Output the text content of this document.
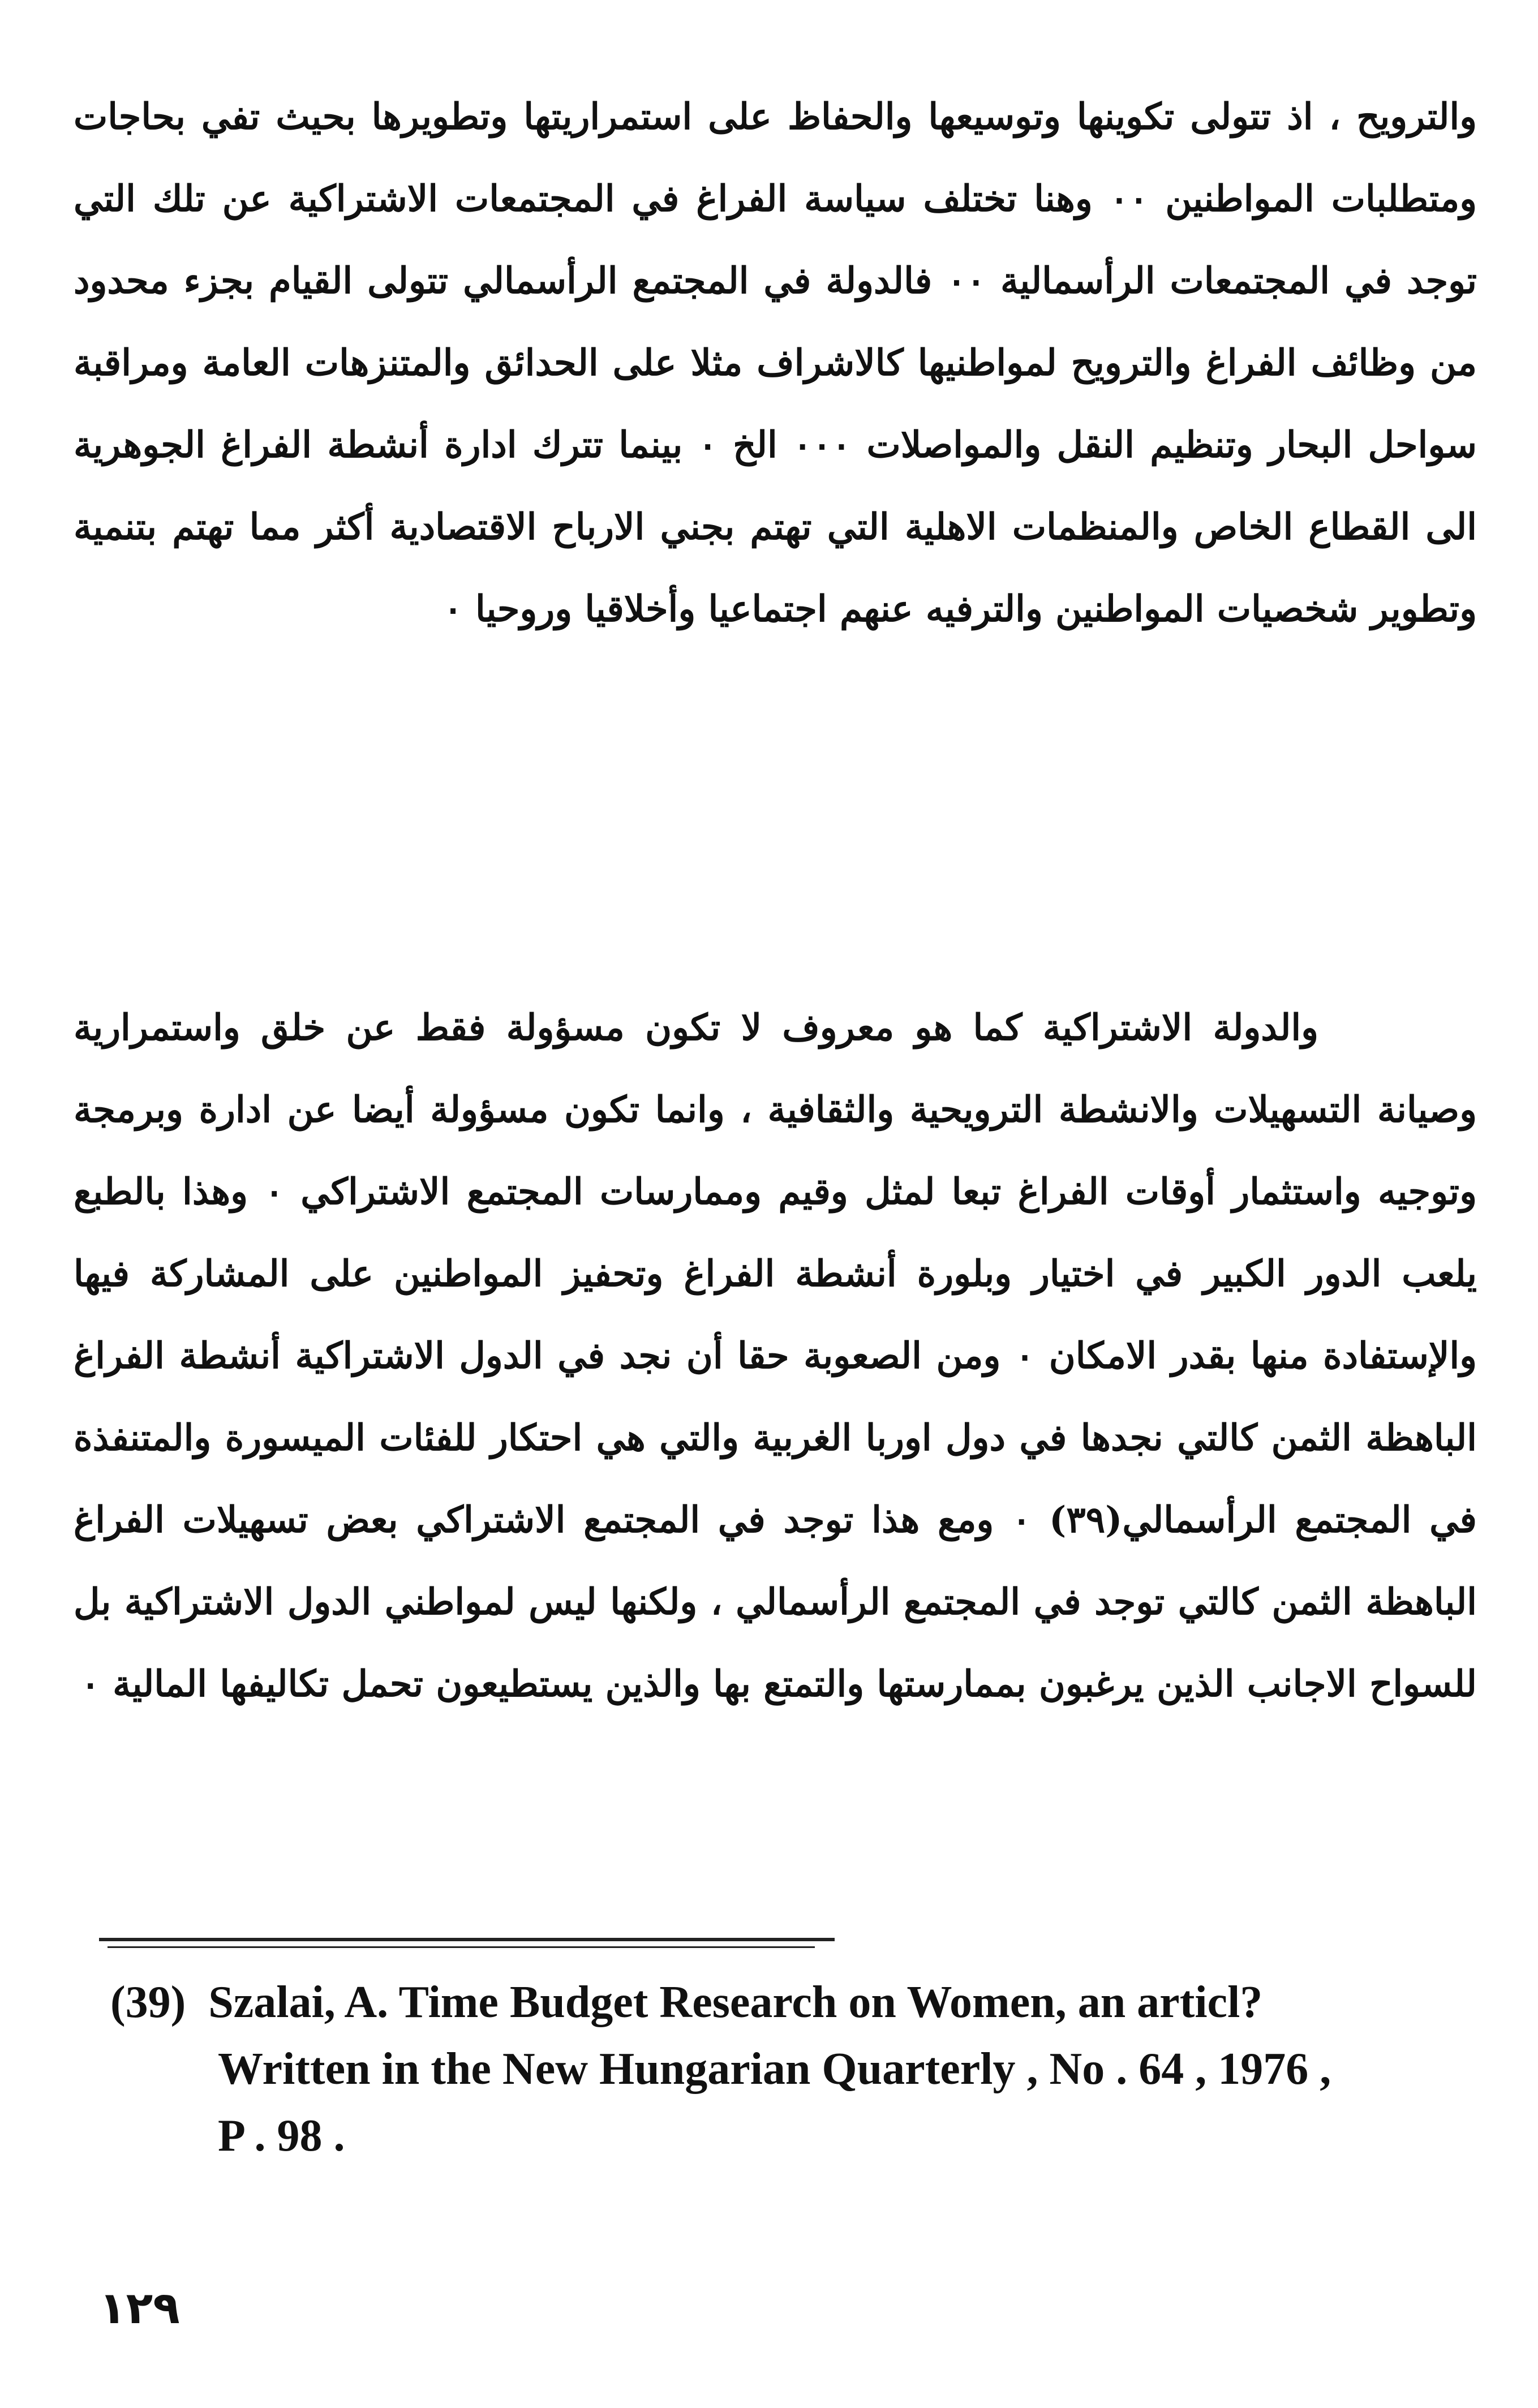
والترويح ، اذ تتولى تكوينها وتوسيعها والحفاظ على استمراريتها وتطويرها بحيث تفي بحاجات ومتطلبات المواطنين ٠٠ وهنا تختلف سياسة الفراغ في المجتمعات الاشتراكية عن تلك التي توجد في المجتمعات الرأسمالية ٠٠ فالدولة في المجتمع الرأسمالي تتولى القيام بجزء محدود من وظائف الفراغ والترويح لمواطنيها كالاشراف مثلا على الحدائق والمتنزهات العامة ومراقبة سواحل البحار وتنظيم النقل والمواصلات ٠٠٠ الخ ٠ بينما تترك ادارة أنشطة الفراغ الجوهرية الى القطاع الخاص والمنظمات الاهلية التي تهتم بجني الارباح الاقتصادية أكثر مما تهتم بتنمية وتطوير شخصيات المواطنين والترفيه عنهم اجتماعيا وأخلاقيا وروحيا ٠

والدولة الاشتراكية كما هو معروف لا تكون مسؤولة فقط عن خلق واستمرارية وصيانة التسهيلات والانشطة الترويحية والثقافية ، وانما تكون مسؤولة أيضا عن ادارة وبرمجة وتوجيه واستثمار أوقات الفراغ تبعا لمثل وقيم وممارسات المجتمع الاشتراكي ٠ وهذا بالطبع يلعب الدور الكبير في اختيار وبلورة أنشطة الفراغ وتحفيز المواطنين على المشاركة فيها والإستفادة منها بقدر الامكان ٠ ومن الصعوبة حقا أن نجد في الدول الاشتراكية أنشطة الفراغ الباهظة الثمن كالتي نجدها في دول اوربا الغربية والتي هي احتكار للفئات الميسورة والمتنفذة في المجتمع الرأسمالي(٣٩) ٠ ومع هذا توجد في المجتمع الاشتراكي بعض تسهيلات الفراغ الباهظة الثمن كالتي توجد في المجتمع الرأسمالي ، ولكنها ليس لمواطني الدول الاشتراكية بل للسواح الاجانب الذين يرغبون بممارستها والتمتع بها والذين يستطيعون تحمل تكاليفها المالية ٠

(39) Szalai, A. Time Budget Research on Women, an articl?
Written in the New Hungarian Quarterly , No . 64 , 1976 ,
P . 98 .
١٢٩
